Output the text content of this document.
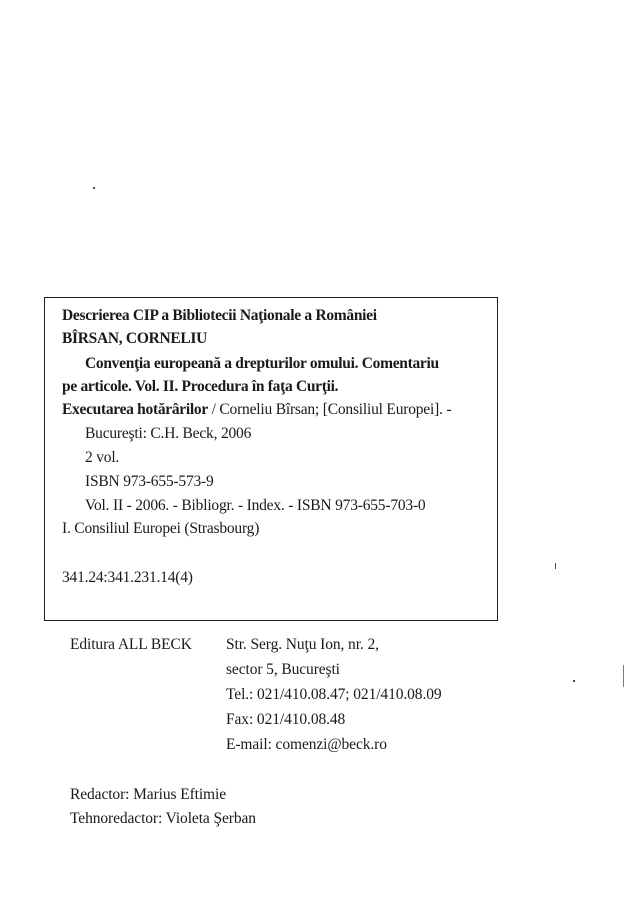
Descrierea CIP a Bibliotecii Naţionale a României
BÎRSAN, CORNELIU
Convenţia europeană a drepturilor omului. Comentariu
pe articole. Vol. II. Procedura în faţa Curţii.
Executarea hotărârilor / Corneliu Bîrsan; [Consiliul Europei]. -
Bucureşti: C.H. Beck, 2006
2 vol.
ISBN 973-655-573-9
Vol. II - 2006. - Bibliogr. - Index. - ISBN 973-655-703-0
I. Consiliul Europei (Strasbourg)
341.24:341.231.14(4)
Editura ALL BECK Str. Serg. Nuţu Ion, nr. 2,
sector 5, Bucureşti
Tel.: 021/410.08.47; 021/410.08.09
Fax: 021/410.08.48
E-mail: comenzi@beck.ro
Redactor: Marius Eftimie
Tehnoredactor: Violeta Şerban
